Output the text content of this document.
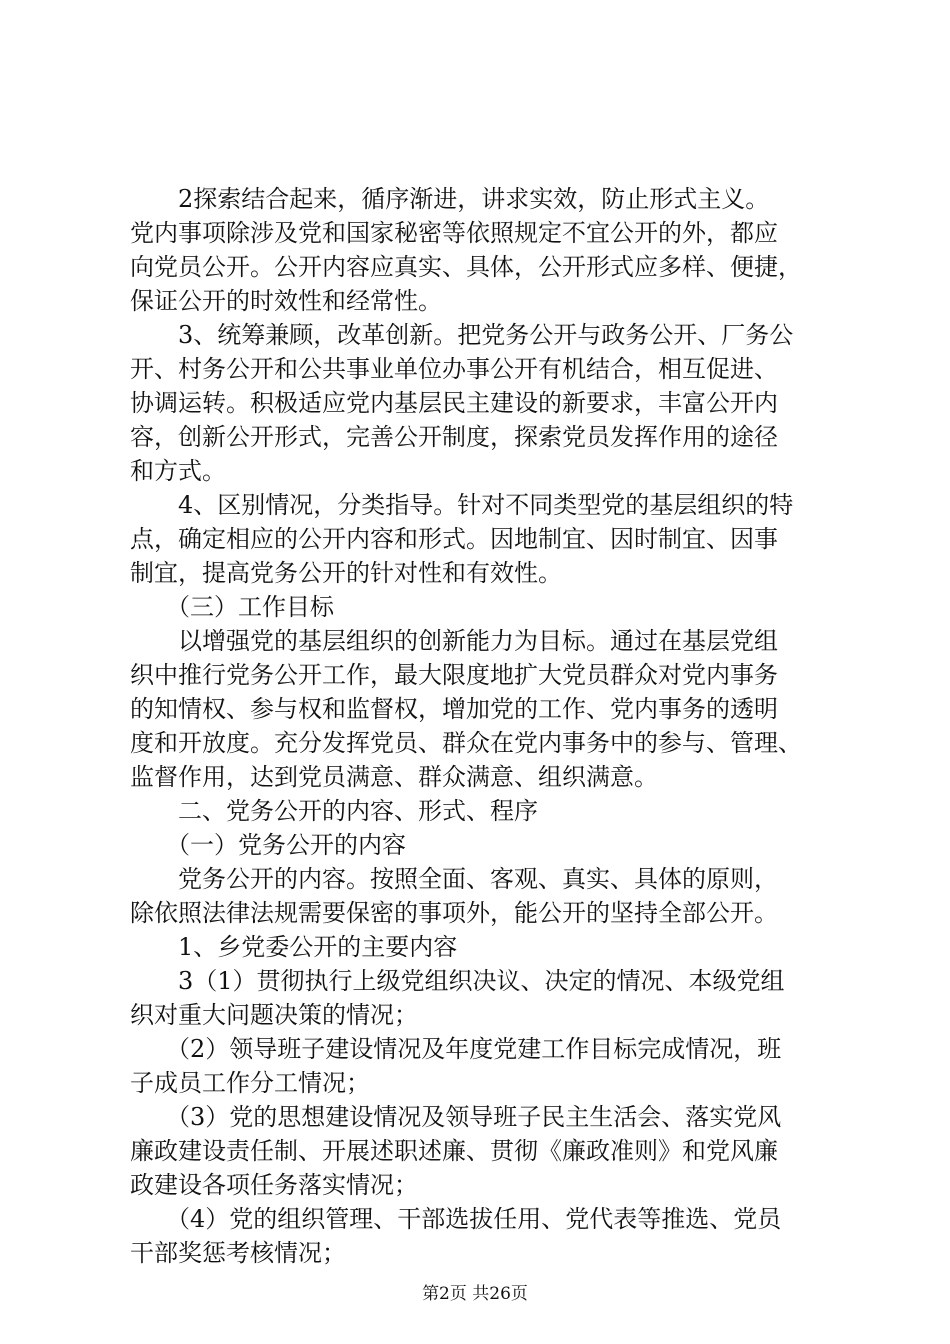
　　2探索结合起来，循序渐进，讲求实效，防止形式主义。
党内事项除涉及党和国家秘密等依照规定不宜公开的外，都应
向党员公开。公开内容应真实、具体，公开形式应多样、便捷，
保证公开的时效性和经常性。
　　3、统筹兼顾，改革创新。把党务公开与政务公开、厂务公
开、村务公开和公共事业单位办事公开有机结合，相互促进、
协调运转。积极适应党内基层民主建设的新要求，丰富公开内
容，创新公开形式，完善公开制度，探索党员发挥作用的途径
和方式。
　　4、区别情况，分类指导。针对不同类型党的基层组织的特
点，确定相应的公开内容和形式。因地制宜、因时制宜、因事
制宜，提高党务公开的针对性和有效性。
　　（三）工作目标
　　以增强党的基层组织的创新能力为目标。通过在基层党组
织中推行党务公开工作，最大限度地扩大党员群众对党内事务
的知情权、参与权和监督权，增加党的工作、党内事务的透明
度和开放度。充分发挥党员、群众在党内事务中的参与、管理、
监督作用，达到党员满意、群众满意、组织满意。
　　二、党务公开的内容、形式、程序
　　（一）党务公开的内容
　　党务公开的内容。按照全面、客观、真实、具体的原则，
除依照法律法规需要保密的事项外，能公开的坚持全部公开。
　　1、乡党委公开的主要内容
　　3（1）贯彻执行上级党组织决议、决定的情况、本级党组
织对重大问题决策的情况；
　　（2）领导班子建设情况及年度党建工作目标完成情况，班
子成员工作分工情况；
　　（3）党的思想建设情况及领导班子民主生活会、落实党风
廉政建设责任制、开展述职述廉、贯彻《廉政准则》和党风廉
政建设各项任务落实情况；
　　（4）党的组织管理、干部选拔任用、党代表等推选、党员
干部奖惩考核情况；
第2页 共26页
